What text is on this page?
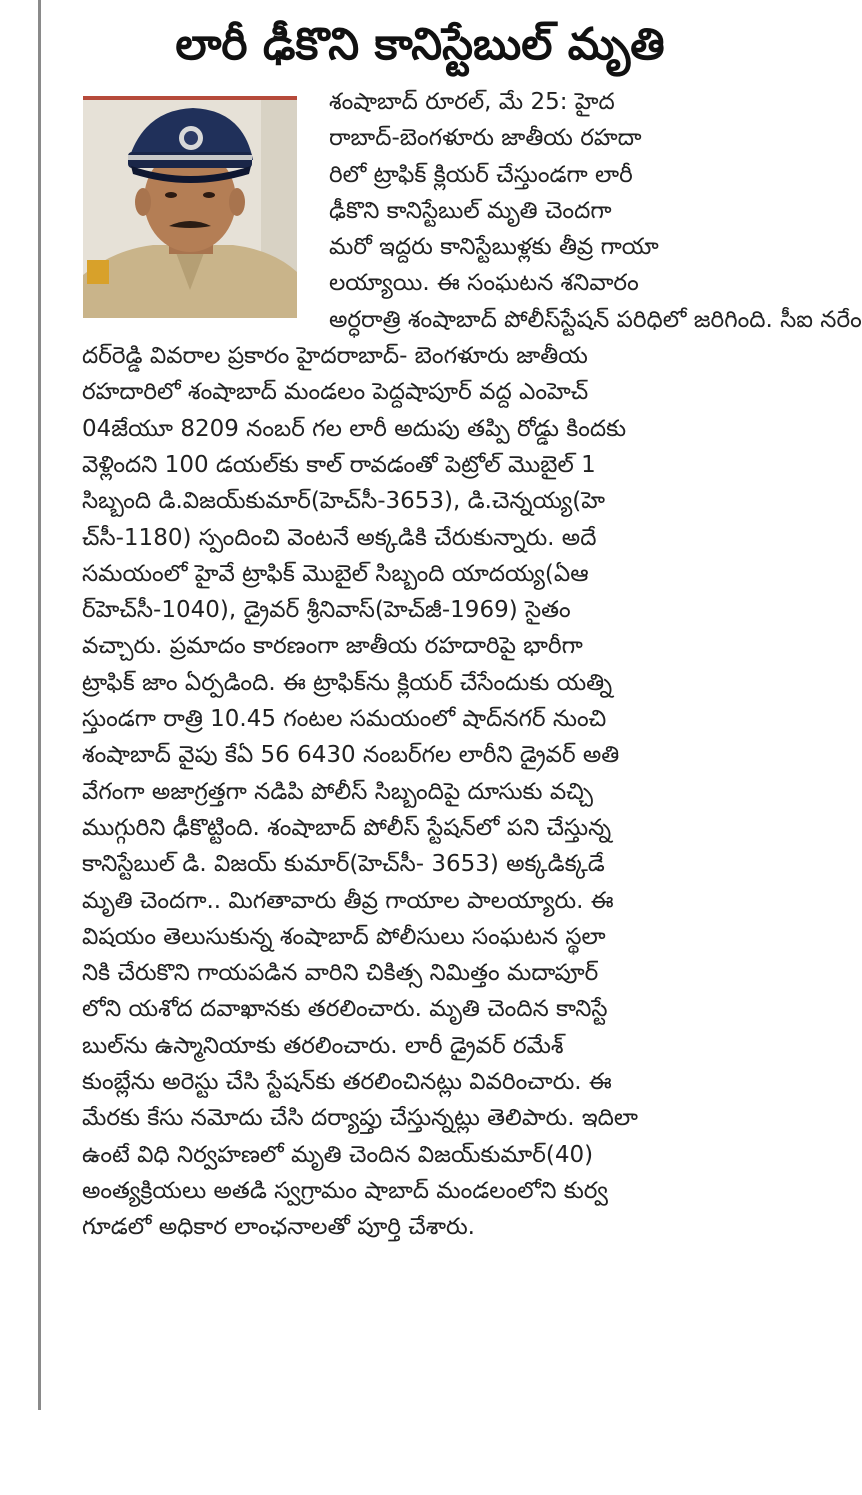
లారీ ఢీకొని కానిస్టేబుల్ మృతి
శంషాబాద్ రూరల్, మే 25: హైద
రాబాద్-బెంగళూరు జాతీయ రహదా
రిలో ట్రాఫిక్ క్లియర్ చేస్తుండగా లారీ
ఢీకొని కానిస్టేబుల్ మృతి చెందగా
మరో ఇద్దరు కానిస్టేబుళ్లకు తీవ్ర గాయా
లయ్యాయి. ఈ సంఘటన శనివారం
అర్ధరాత్రి శంషాబాద్ పోలీస్‌స్టేషన్ పరిధిలో జరిగింది. సీఐ నరేం
దర్‌రెడ్డి వివరాల ప్రకారం హైదరాబాద్- బెంగళూరు జాతీయ
రహదారిలో శంషాబాద్ మండలం పెద్దషాపూర్ వద్ద ఎంహెచ్
04జేయూ 8209 నంబర్ గల లారీ అదుపు తప్పి రోడ్డు కిందకు
వెళ్లిందని 100 డయల్‌కు కాల్ రావడంతో పెట్రోల్ మొబైల్ 1
సిబ్బంది డి.విజయ్‌కుమార్(హెచ్‌సీ-3653), డి.చెన్నయ్య(హె
చ్‌సీ-1180) స్పందించి వెంటనే అక్కడికి చేరుకున్నారు. అదే
సమయంలో హైవే ట్రాఫిక్ మొబైల్ సిబ్బంది యాదయ్య(ఏఆ
ర్‌హెచ్‌సీ-1040), డ్రైవర్ శ్రీనివాస్(హెచ్‌జీ-1969) సైతం
వచ్చారు. ప్రమాదం కారణంగా జాతీయ రహదారిపై భారీగా
ట్రాఫిక్ జాం ఏర్పడింది. ఈ ట్రాఫిక్‌ను క్లియర్ చేసేందుకు యత్ని
స్తుండగా రాత్రి 10.45 గంటల సమయంలో షాద్‌నగర్ నుంచి
శంషాబాద్ వైపు కేఏ 56 6430 నంబర్‌గల లారీని డ్రైవర్ అతి
వేగంగా అజాగ్రత్తగా నడిపి పోలీస్ సిబ్బందిపై దూసుకు వచ్చి
ముగ్గురిని ఢీకొట్టింది. శంషాబాద్ పోలీస్ స్టేషన్‌లో పని చేస్తున్న
కానిస్టేబుల్ డి. విజయ్ కుమార్(హెచ్‌సీ- 3653) అక్కడిక్కడే
మృతి చెందగా.. మిగతావారు తీవ్ర గాయాల పాలయ్యారు. ఈ
విషయం తెలుసుకున్న శంషాబాద్ పోలీసులు సంఘటన స్థలా
నికి చేరుకొని గాయపడిన వారిని చికిత్స నిమిత్తం మదాపూర్
లోని యశోద దవాఖానకు తరలించారు. మృతి చెందిన కానిస్టే
బుల్‌ను ఉస్మానియాకు తరలించారు. లారీ డ్రైవర్ రమేశ్
కుంబ్లేను అరెస్టు చేసి స్టేషన్‌కు తరలించినట్లు వివరించారు. ఈ
మేరకు కేసు నమోదు చేసి దర్యాప్తు చేస్తున్నట్లు తెలిపారు. ఇదిలా
ఉంటే విధి నిర్వహణలో మృతి చెందిన విజయ్‌కుమార్(40)
అంత్యక్రియలు అతడి స్వగ్రామం షాబాద్ మండలంలోని కుర్వ
గూడలో అధికార లాంఛనాలతో పూర్తి చేశారు.
